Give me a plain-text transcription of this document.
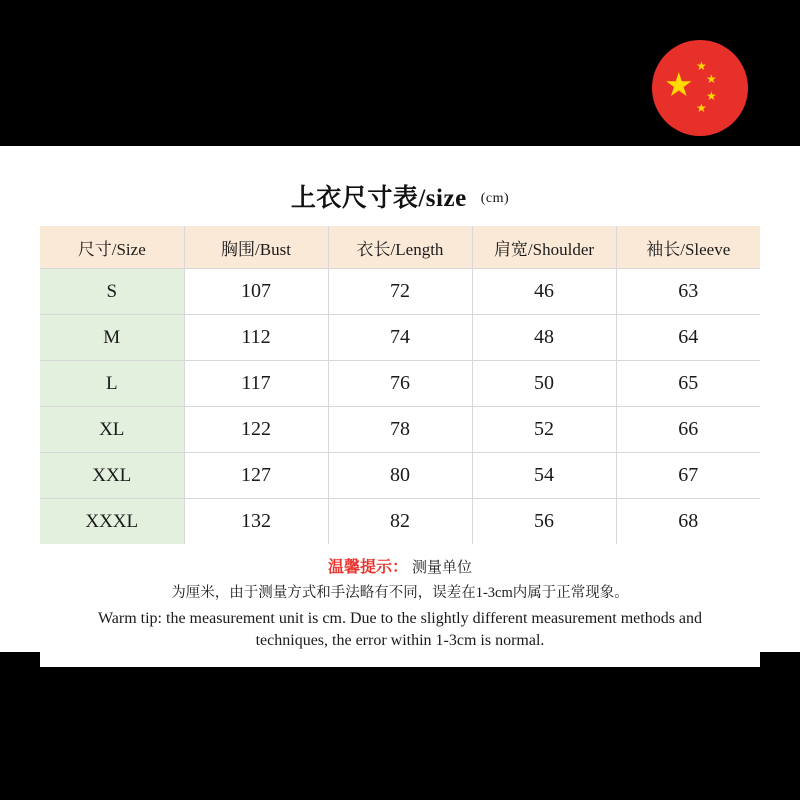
★ ★
★
★
★
上衣尺寸表/size (cm)
尺寸/Size	胸围/Bust	衣长/Length	肩宽/Shoulder	袖长/Sleeve
S	107	72	46	63
M	112	74	48	64
L	117	76	50	65
XL	122	78	52	66
XXL	127	80	54	67
XXXL	132	82	56	68
温馨提示： 测量单位
为厘米，由于测量方式和手法略有不同，误差在1-3cm内属于正常现象。
Warm tip: the measurement unit is cm. Due to the slightly different measurement methods and
techniques, the error within 1-3cm is normal.
